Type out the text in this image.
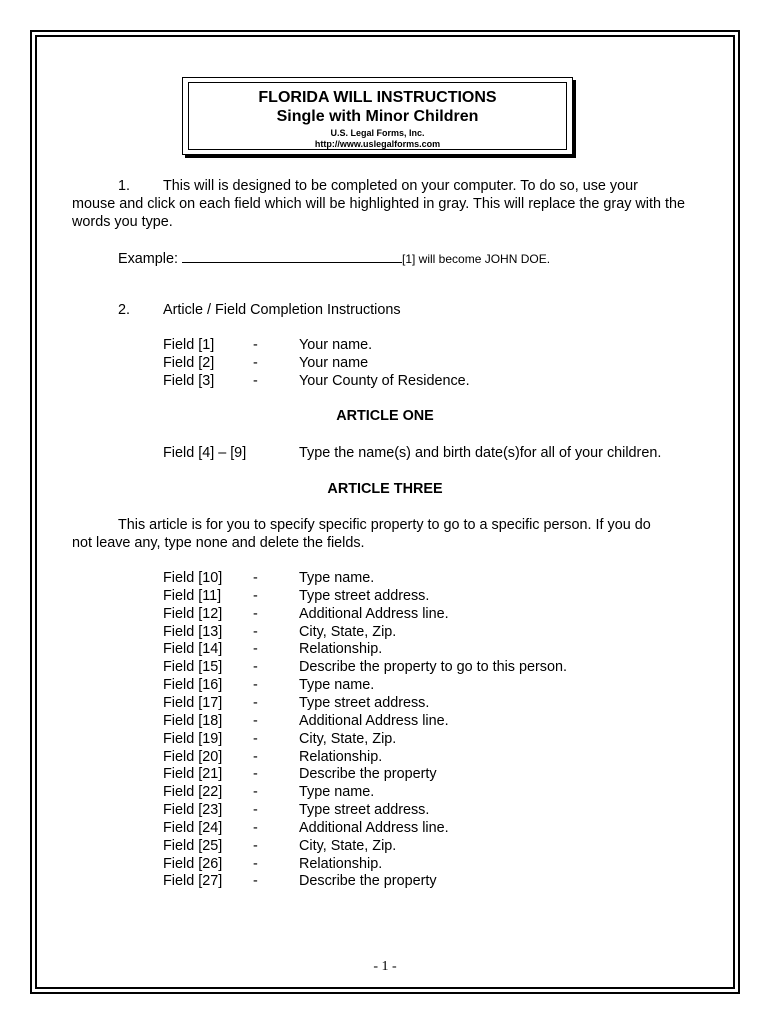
FLORIDA WILL INSTRUCTIONS
Single with Minor Children
U.S. Legal Forms, Inc.
http://www.uslegalforms.com
1. This will is designed to be completed on your computer. To do so, use your
mouse and click on each field which will be highlighted in gray. This will replace the gray with the words you type.
Example:	[1] will become JOHN DOE.
2. Article / Field Completion Instructions
Field [1]	-	Your name.
Field [2]	-	Your name
Field [3]	-	Your County of Residence.
ARTICLE ONE
Field [4] – [9]	Type the name(s) and birth date(s)for all of your children.
ARTICLE THREE
This article is for you to specify specific property to go to a specific person. If you do
not leave any, type none and delete the fields.
Field [10] -	Type name.
Field [11] -	Type street address.
Field [12] -	Additional Address line.
Field [13] -	City, State, Zip.
Field [14] -	Relationship.
Field [15] -	Describe the property to go to this person.
Field [16] -	Type name.
Field [17] -	Type street address.
Field [18] -	Additional Address line.
Field [19] -	City, State, Zip.
Field [20] -	Relationship.
Field [21] -	Describe the property
Field [22] -	Type name.
Field [23] -	Type street address.
Field [24] -	Additional Address line.
Field [25] -	City, State, Zip.
Field [26] -	Relationship.
Field [27] -	Describe the property
- 1 -
